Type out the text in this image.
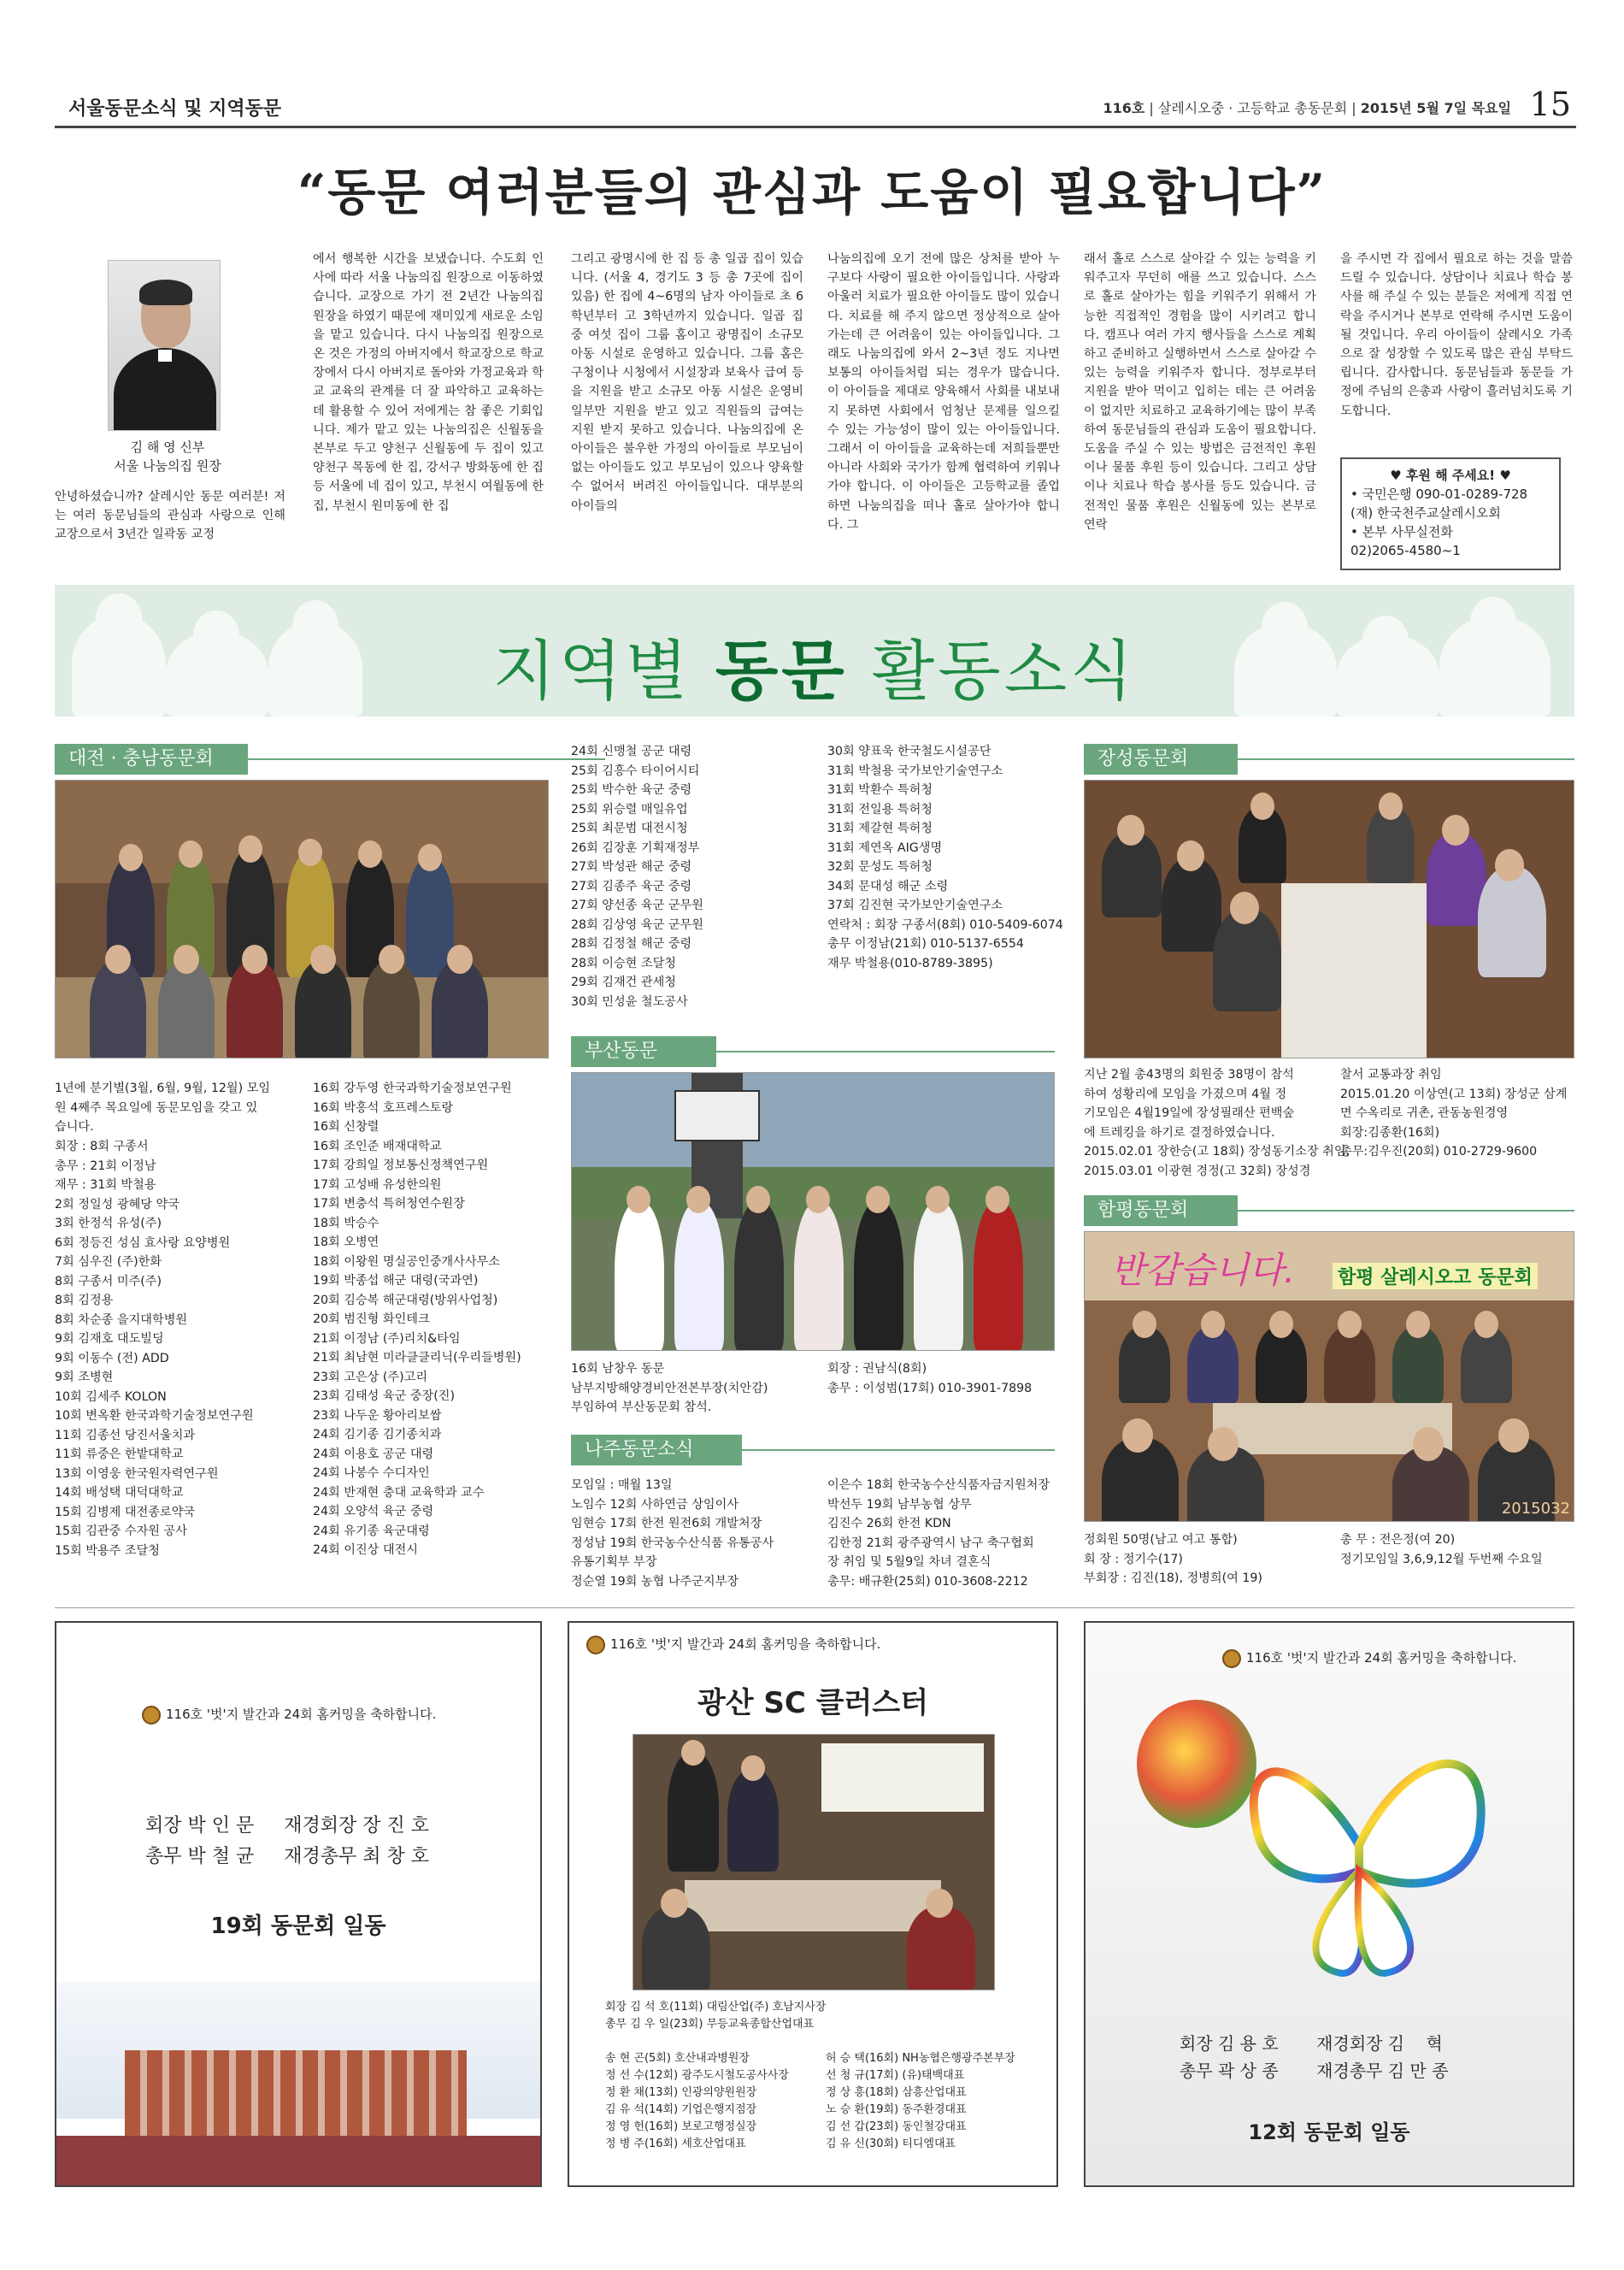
서울동문소식 및 지역동문	116호 | 살레시오중 · 고등학교 총동문회 | 2015년 5월 7일 목요일 15
“동문 여러분들의 관심과 도움이 필요합니다”
김 해 영 신부
서울 나눔의집 원장
안녕하셨습니까? 살레시안 동문 여러분! 저는 여러 동문님들의 관심과 사랑으로 인해 교장으로서 3년간 일곽동 교정
에서 행복한 시간을 보냈습니다. 수도회 인사에 따라 서울 나눔의집 원장으로 이동하였습니다. 교장으로 가기 전 2년간 나눔의집 원장을 하였기 때문에 재미있게 새로운 소임을 맡고 있습니다. 다시 나눔의집 원장으로 온 것은 가정의 아버지에서 학교장으로 학교장에서 다시 아버지로 돌아와 가정교육과 학교 교육의 관계를 더 잘 파악하고 교육하는데 활용할 수 있어 저에게는 참 좋은 기회입니다. 제가 맡고 있는 나눔의집은 신월동을 본부로 두고 양천구 신월동에 두 집이 있고 양천구 목동에 한 집, 강서구 방화동에 한 집 등 서울에 네 집이 있고, 부천시 여월동에 한 집, 부천시 원미동에 한 집
그리고 광명시에 한 집 등 총 일곱 집이 있습니다. (서울 4, 경기도 3 등 총 7곳에 집이 있음) 한 집에 4~6명의 남자 아이들로 초 6학년부터 고 3학년까지 있습니다. 일곱 집 중 여섯 집이 그룹 홈이고 광명집이 소규모 아동 시설로 운영하고 있습니다. 그룹 홈은 구청이나 시청에서 시설장과 보육사 급여 등을 지원을 받고 소규모 아동 시설은 운영비 일부만 지원을 받고 있고 직원들의 급여는 지원 받지 못하고 있습니다. 나눔의집에 온 아이들은 불우한 가정의 아이들로 부모님이 없는 아이들도 있고 부모님이 있으나 양육할 수 없어서 버려진 아이들입니다. 대부분의 아이들의
나눔의집에 오기 전에 많은 상처를 받아 누구보다 사랑이 필요한 아이들입니다. 사랑과 아울러 치료가 필요한 아이들도 많이 있습니다. 치료를 해 주지 않으면 정상적으로 살아가는데 큰 어려움이 있는 아이들입니다. 그래도 나눔의집에 와서 2~3년 정도 지나면 보통의 아이들처럼 되는 경우가 많습니다. 이 아이들을 제대로 양육해서 사회를 내보내지 못하면 사회에서 엄청난 문제를 일으킬 수 있는 가능성이 많이 있는 아이들입니다. 그래서 이 아이들을 교육하는데 저희들뿐만 아니라 사회와 국가가 함께 협력하여 키워나가야 합니다. 이 아이들은 고등학교를 졸업하면 나눔의집을 떠나 홀로 살아가야 합니다. 그
래서 홀로 스스로 살아갈 수 있는 능력을 키워주고자 무던히 애를 쓰고 있습니다. 스스로 홀로 살아가는 힘을 키워주기 위해서 가능한 직접적인 경험을 많이 시키려고 합니다. 캠프나 여러 가지 행사들을 스스로 계획하고 준비하고 실행하면서 스스로 살아갈 수 있는 능력을 키워주자 합니다. 정부로부터 지원을 받아 먹이고 입히는 데는 큰 어려움이 없지만 치료하고 교육하기에는 많이 부족하여 동문님들의 관심과 도움이 필요합니다. 도움을 주실 수 있는 방법은 금전적인 후원이나 물품 후원 등이 있습니다. 그리고 상담이나 치료나 학습 봉사를 등도 있습니다. 금전적인 물품 후원은 신월동에 있는 본부로 연락
을 주시면 각 집에서 필요로 하는 것을 말씀 드릴 수 있습니다. 상담이나 치료나 학습 봉사를 해 주실 수 있는 분들은 저에게 직접 연락을 주시거나 본부로 연락해 주시면 도움이 될 것입니다. 우리 아이들이 살레시오 가족으로 잘 성장할 수 있도록 많은 관심 부탁드립니다. 감사합니다. 동문님들과 동문들 가정에 주님의 은총과 사랑이 흘러넘치도록 기도합니다.
♥ 후원 해 주세요! ♥
• 국민은행 090-01-0289-728
(재) 한국천주교살레시오회
• 본부 사무실전화
02)2065-4580~1
지역별 동문 활동소식
대전 · 충남동문회
1년에 분기별(3월, 6월, 9월, 12월) 모임
원 4째주 목요일에 동문모임을 갖고 있
습니다.
회장 : 8회 구종서
총무 : 21회 이정남
재무 : 31회 박철용
2회 정일성 광혜당 약국
3회 한정석 유성(주)
6회 정등진 성심 효사랑 요양병원
7회 심우진 (주)한화
8회 구종서 미주(주)
8회 김정용
8회 차순종 을지대학병원
9회 김재호 대도빌딩
9회 이동수 (전) ADD
9회 조병현
10회 김세주 KOLON
10회 변옥환 한국과학기술정보연구원
11회 김종선 당진서울치과
11회 류중은 한밭대학교
13회 이영웅 한국원자력연구원
14회 배성택 대덕대학교
15회 김병제 대전종로약국
15회 김관중 수자원 공사
15회 박용주 조달청
16회 강두영 한국과학기술정보연구원
16회 박홍석 호프레스토랑
16회 신창렬
16회 조인준 배재대학교
17회 강희일 정보통신정책연구원
17회 고성배 유성한의원
17회 변충석 특허청연수원장
18회 박승수
18회 오병연
18회 이왕원 명실공인중개사사무소
19회 박종섭 해군 대령(국과연)
20회 김승복 해군대령(방위사업청)
20회 범진형 화인테크
21회 이정남 (주)리치&타임
21회 최남현 미라클클리닉(우리들병원)
23회 고은상 (주)고리
23회 김태성 육군 중장(진)
23회 나두운 황아리보쌈
24회 김기종 김기종치과
24회 이용호 공군 대령
24회 나봉수 수디자인
24회 반재현 충대 교육학과 교수
24회 오양석 육군 중령
24회 유기종 육군대령
24회 이진상 대전시
24회 신맹철 공군 대령
25회 김흥수 타이어시티
25회 박수한 육군 중령
25회 위승렬 매일유업
25회 최문범 대전시청
26회 김장훈 기획재정부
27회 박성관 해군 중령
27회 김종주 육군 중령
27회 양선종 육군 군무원
28회 김상영 육군 군무원
28회 김정철 해군 중령
28회 이승현 조달청
29회 김재건 관세청
30회 민성윤 철도공사
30회 양표욱 한국철도시설공단
31회 박철용 국가보안기술연구소
31회 박환수 특허청
31회 전일용 특허청
31회 제갈현 특허청
31회 제연옥 AIG생명
32회 문성도 특허청
34회 문대성 해군 소령
37회 김진현 국가보안기술연구소
연락처 : 회장 구종서(8회) 010-5409-6074
총무 이정남(21회) 010-5137-6554
재무 박철용(010-8789-3895)
부산동문
16회 남창우 동문
남부지방해양경비안전본부장(치안감)
부임하여 부산동문회 참석.
회장 : 권남식(8회)
총무 : 이성범(17회) 010-3901-7898
나주동문소식
모임일 : 매월 13일
노임수 12회 사하연금 상임이사
임현승 17회 한전 원전6회 개발처장
정성남 19회 한국농수산식품 유통공사
유통기획부 부장
정순열 19회 농협 나주군지부장
이은수 18회 한국농수산식품자금지원처장
박선두 19회 남부농협 상무
김진수 26회 한전 KDN
김한정 21회 광주광역시 남구 축구협회
장 취임 및 5월9일 차녀 결혼식
총무: 배규환(25회) 010-3608-2212
장성동문회
지난 2월 총43명의 회원중 38명이 참석
하여 성황리에 모임을 가졌으며 4월 정
기모임은 4월19일에 장성필래산 편백숲
에 트레킹을 하기로 결정하였습니다.
2015.02.01 장한승(고 18회) 장성동기소장 취임,
2015.03.01 이광현 경정(고 32회) 장성경
찰서 교통과장 취임
2015.01.20 이상연(고 13회) 장성군 삼계
면 수옥리로 귀촌, 관동농원경영
회장:김종환(16회)
총무:김우진(20회) 010-2729-9600
함평동문회
반갑습니다. 함평 살레시오고 동문회
2015032
정회원 50명(남고 여고 통합)
회 장 : 정기수(17)
부회장 : 김진(18), 정병희(여 19)
총 무 : 전은정(여 20)
정기모임일 3,6,9,12월 두번째 수요일
116호 '벗'지 발간과 24회 홈커밍을 축하합니다.
회장 박 인 문     재경회장 장 진 호
총무 박 철 균     재경총무 최 창 호
19회 동문회 일동
116호 '벗'지 발간과 24회 홈커밍을 축하합니다.
광산 SC 클러스터
회장 김 석 호(11회) 대림산업(주) 호남지사장
총무 김 우 일(23회) 무등교육종합산업대표
송 현 곤(5회) 호산내과병원장
정 선 수(12회) 광주도시철도공사사장
정 환 채(13회) 인광의양원원장
김 유 석(14회) 기업은행지점장
정 영 헌(16회) 보로고행정실장
정 병 주(16회) 세호산업대표
허 승 택(16회) NH농협은행광주본부장
선 청 규(17회) (유)태백대표
정 상 흥(18회) 삼흥산업대표
노 승 환(19회) 동주환경대표
김 선 갑(23회) 동인철강대표
김 유 신(30회) 티디엠대표
116호 '벗'지 발간과 24회 홈커밍을 축하합니다.
회장 김 용 호       재경회장 김    혁
총무 곽 상 종       재경총무 김 만 종
12회 동문회 일동
